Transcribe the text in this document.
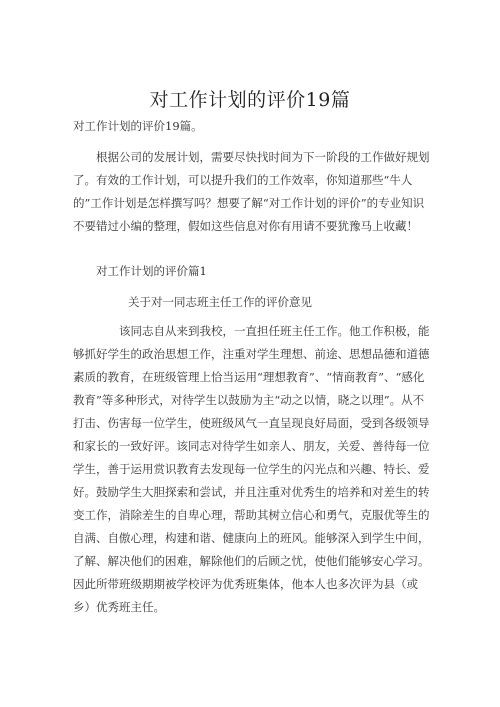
对工作计划的评价19篇
对工作计划的评价19篇。

根据公司的发展计划，需要尽快找时间为下一阶段的工作做好规划了。有效的工作计划，可以提升我们的工作效率，你知道那些“牛人的”工作计划是怎样撰写吗？想要了解“对工作计划的评价”的专业知识不要错过小编的整理，假如这些信息对你有用请不要犹豫马上收藏！

对工作计划的评价篇1
关于对一同志班主任工作的评价意见

该同志自从来到我校，一直担任班主任工作。他工作积极，能够抓好学生的政治思想工作，注重对学生理想、前途、思想品德和道德素质的教育，在班级管理上恰当运用“理想教育”、“情商教育”、“感化教育”等多种形式，对待学生以鼓励为主“动之以情，晓之以理”。从不打击、伤害每一位学生，使班级风气一直呈现良好局面，受到各级领导和家长的一致好评。该同志对待学生如亲人、朋友，关爱、善待每一位学生，善于运用赏识教育去发现每一位学生的闪光点和兴趣、特长、爱好。鼓励学生大胆探索和尝试，并且注重对优秀生的培养和对差生的转变工作，消除差生的自卑心理，帮助其树立信心和勇气，克服优等生的自满、自傲心理，构建和谐、健康向上的班风。能够深入到学生中间，了解、解决他们的困难，解除他们的后顾之忧，使他们能够安心学习。因此所带班级期期被学校评为优秀班集体，他本人也多次评为县（或乡）优秀班主任。
